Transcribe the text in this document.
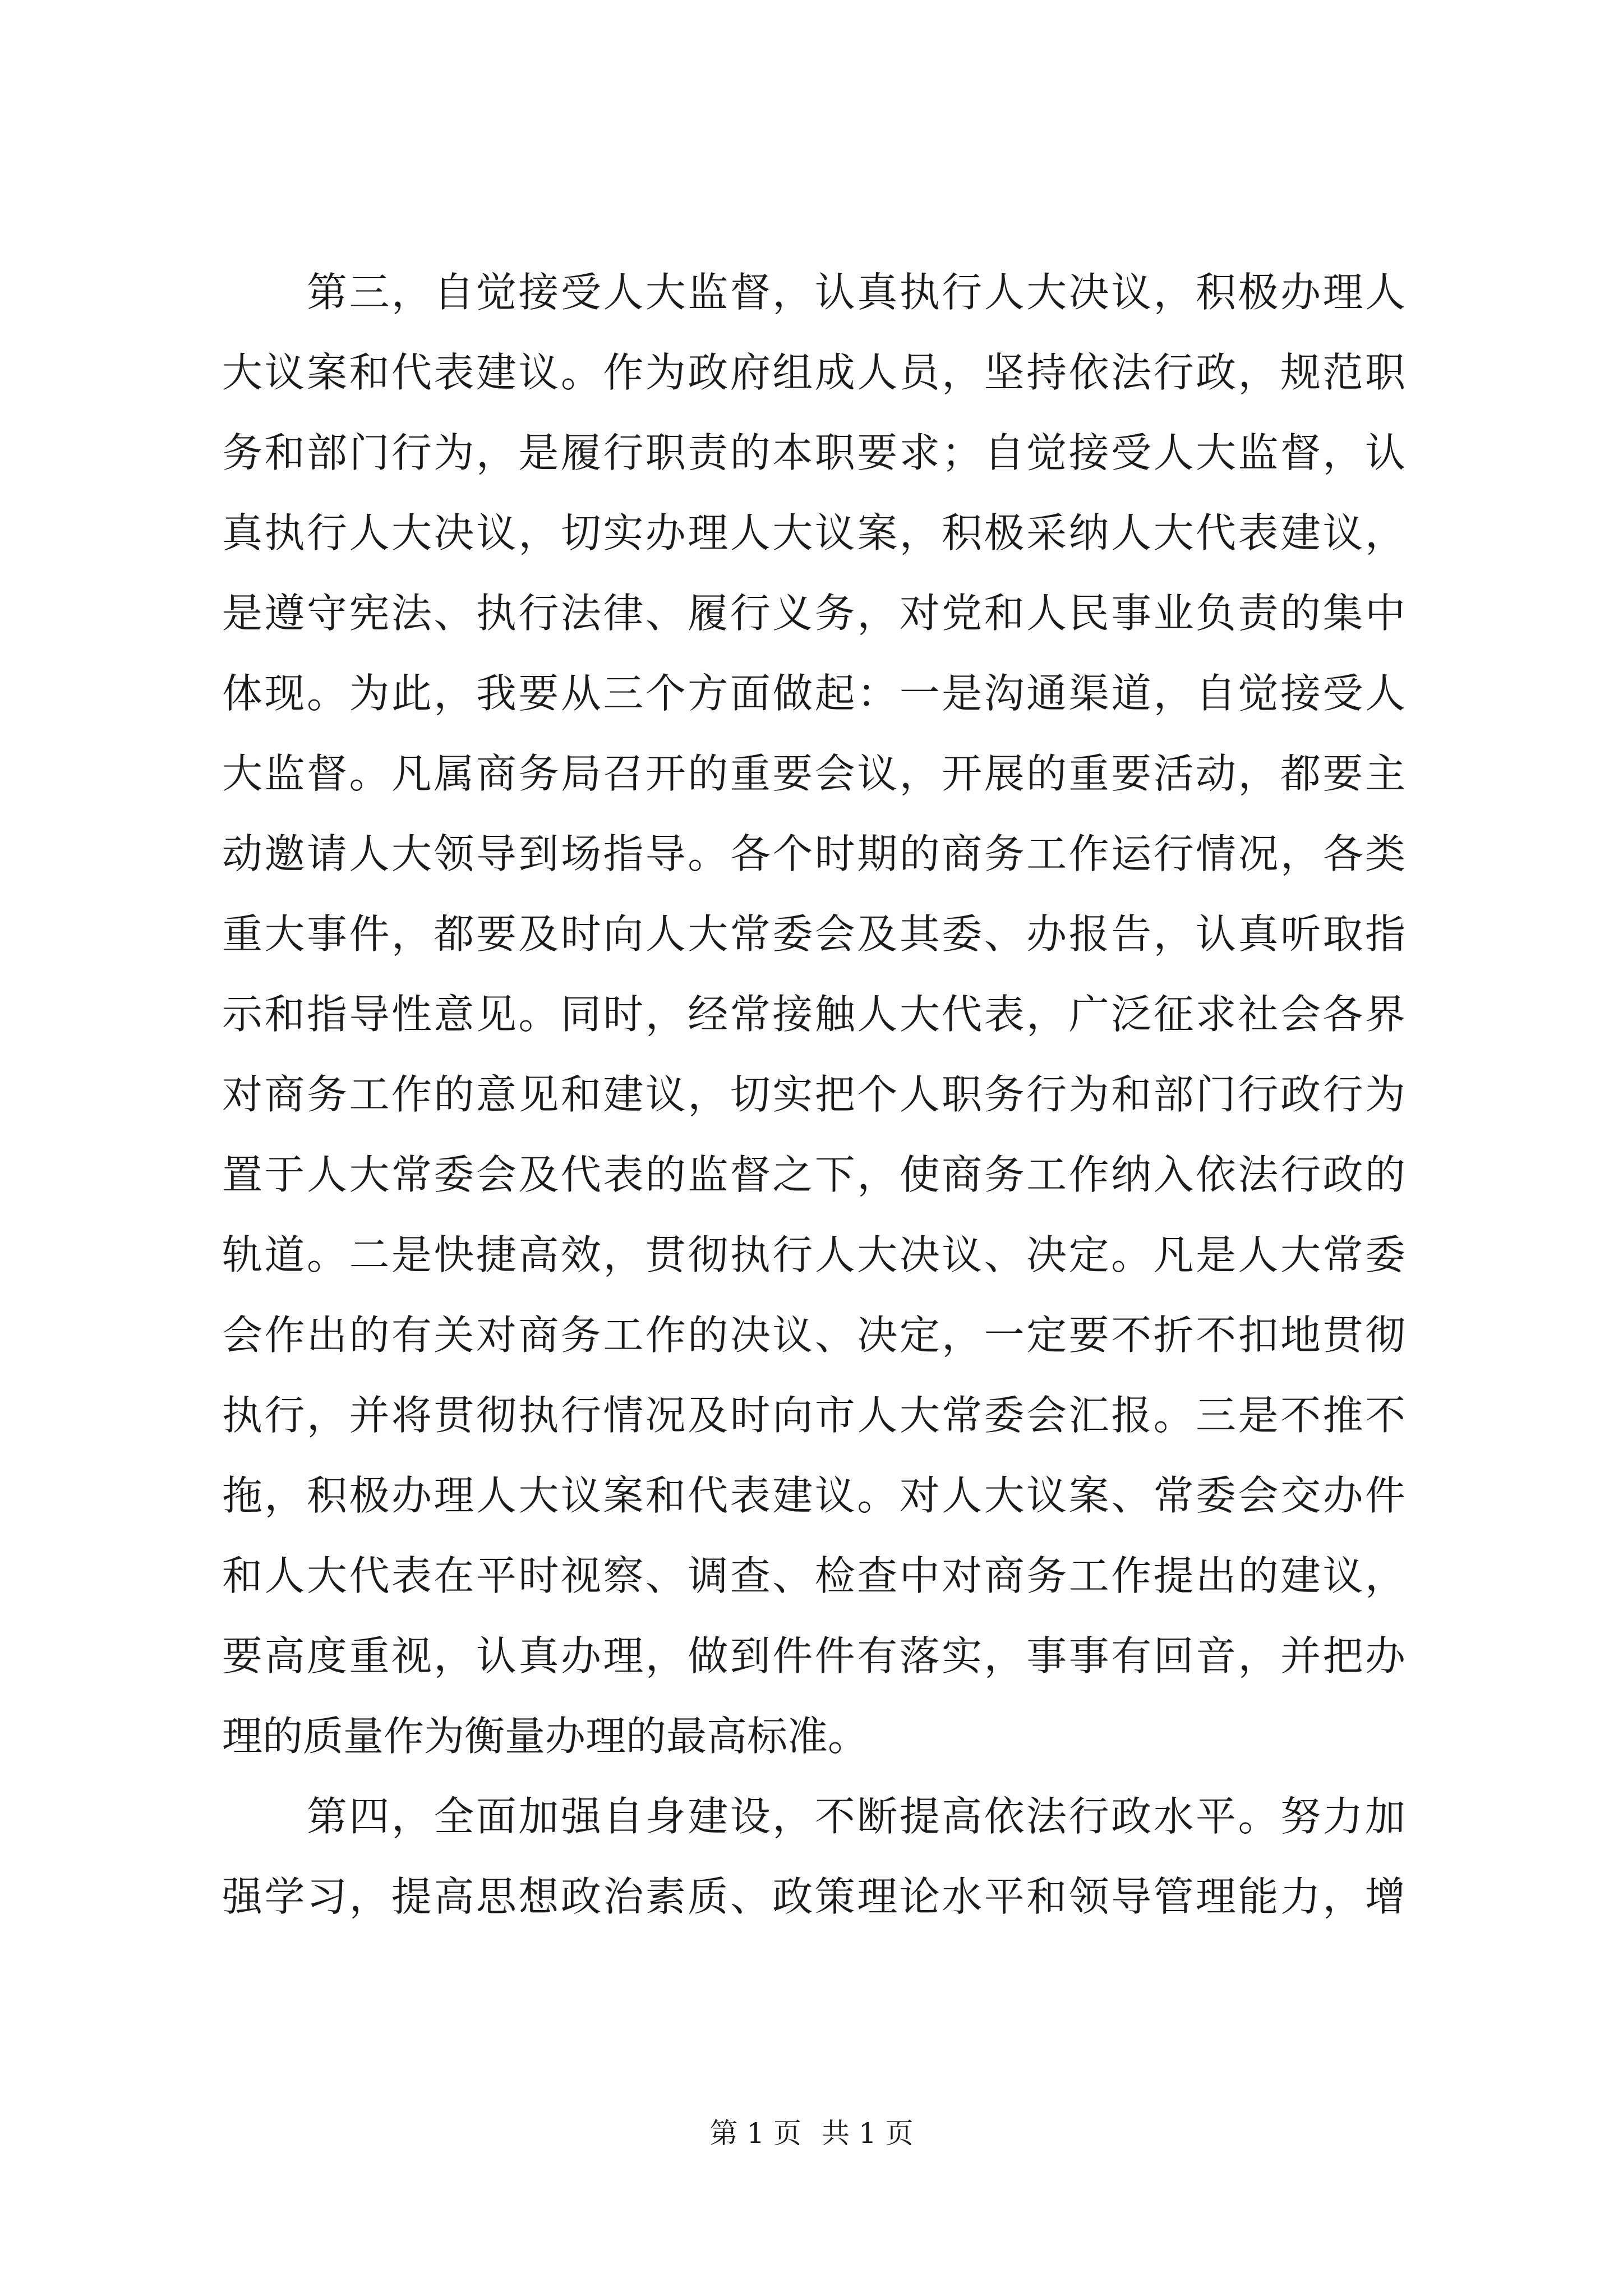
　　第三，自觉接受人大监督，认真执行人大决议，积极办理人
大议案和代表建议。作为政府组成人员，坚持依法行政，规范职
务和部门行为，是履行职责的本职要求；自觉接受人大监督，认
真执行人大决议，切实办理人大议案，积极采纳人大代表建议，
是遵守宪法、执行法律、履行义务，对党和人民事业负责的集中
体现。为此，我要从三个方面做起：一是沟通渠道，自觉接受人
大监督。凡属商务局召开的重要会议，开展的重要活动，都要主
动邀请人大领导到场指导。各个时期的商务工作运行情况，各类
重大事件，都要及时向人大常委会及其委、办报告，认真听取指
示和指导性意见。同时，经常接触人大代表，广泛征求社会各界
对商务工作的意见和建议，切实把个人职务行为和部门行政行为
置于人大常委会及代表的监督之下，使商务工作纳入依法行政的
轨道。二是快捷高效，贯彻执行人大决议、决定。凡是人大常委
会作出的有关对商务工作的决议、决定，一定要不折不扣地贯彻
执行，并将贯彻执行情况及时向市人大常委会汇报。三是不推不
拖，积极办理人大议案和代表建议。对人大议案、常委会交办件
和人大代表在平时视察、调查、检查中对商务工作提出的建议，
要高度重视，认真办理，做到件件有落实，事事有回音，并把办
理的质量作为衡量办理的最高标准。
　　第四，全面加强自身建设，不断提高依法行政水平。努力加
强学习，提高思想政治素质、政策理论水平和领导管理能力，增
第 1 页 共 1 页
